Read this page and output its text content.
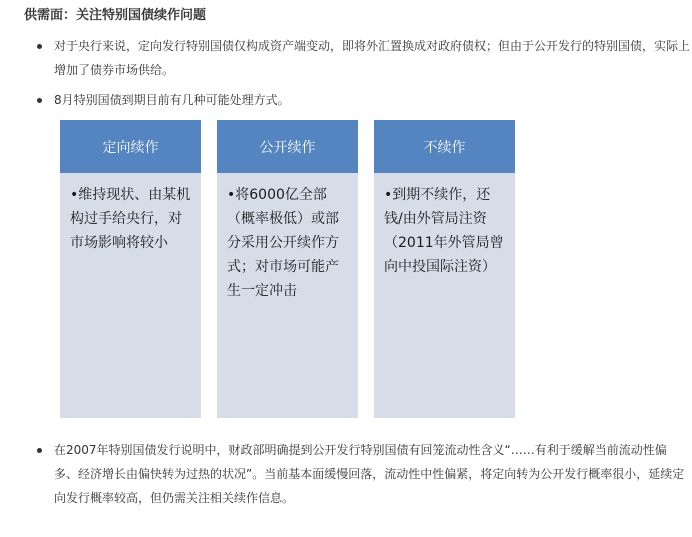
供需面：关注特别国债续作问题
对于央行来说，定向发行特别国债仅构成资产端变动，即将外汇置换成对政府债权；但由于公开发行的特别国债，实际上增加了债券市场供给。
8月特别国债到期目前有几种可能处理方式。
在2007年特别国债发行说明中，财政部明确提到公开发行特别国债有回笼流动性含义“……有利于缓解当前流动性偏多、经济增长由偏快转为过热的状况”。当前基本面缓慢回落，流动性中性偏紧，将定向转为公开发行概率很小，延续定向发行概率较高，但仍需关注相关续作信息。
定向续作
•维持现状、由某机构过手给央行，对市场影响将较小
公开续作
•将6000亿全部（概率极低）或部分采用公开续作方式；对市场可能产生一定冲击
不续作
•到期不续作，还钱/由外管局注资（2011年外管局曾向中投国际注资）
